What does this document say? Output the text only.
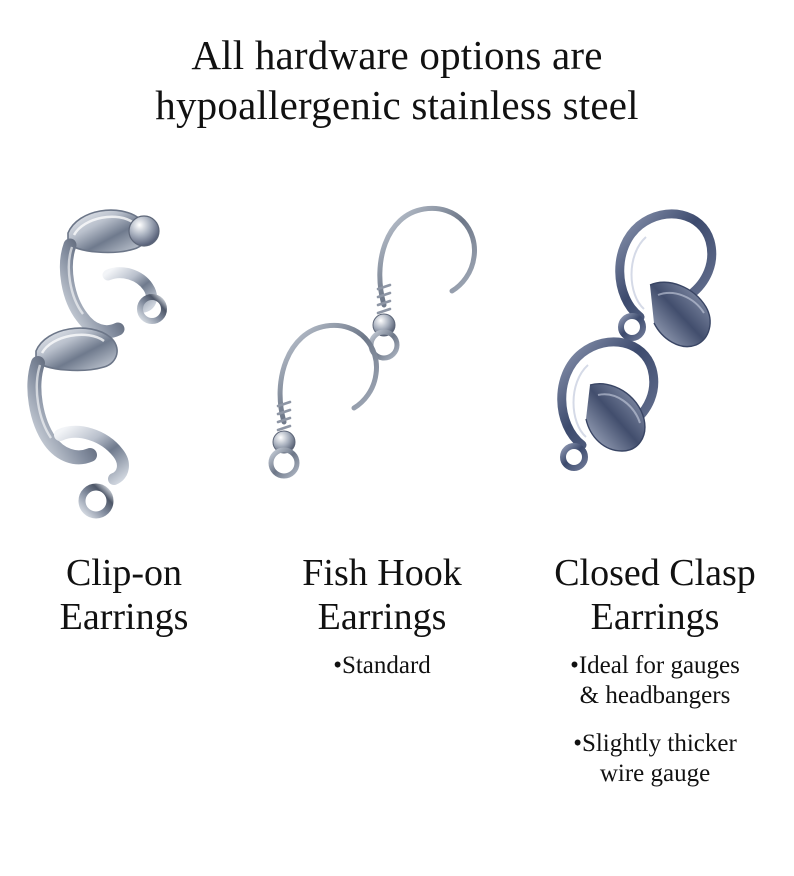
All hardware options are
hypoallergenic stainless steel
Clip-on
Earrings
Fish Hook
Earrings
•Standard
Closed Clasp
Earrings
•Ideal for gauges
& headbangers
•Slightly thicker
wire gauge
